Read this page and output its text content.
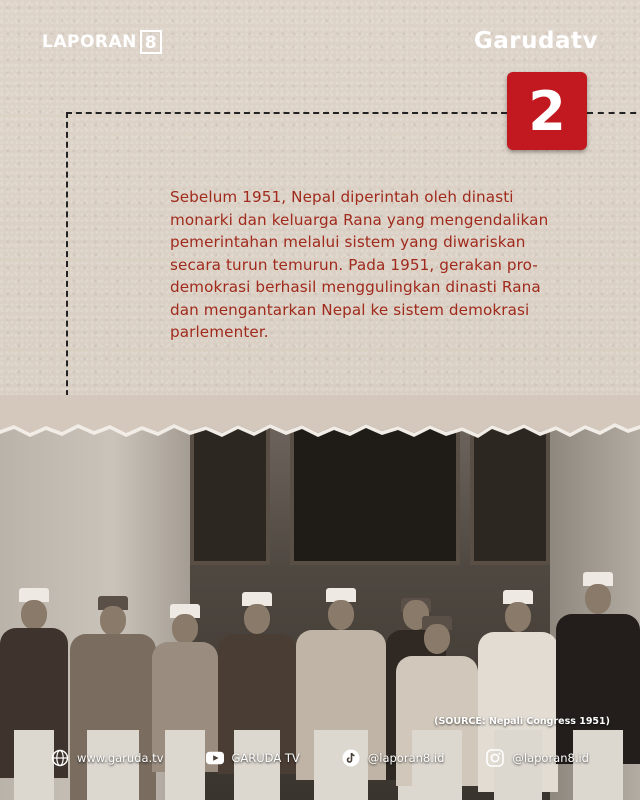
LAPORAN 8	Garudatv
2
Sebelum 1951, Nepal diperintah oleh dinasti monarki dan keluarga Rana yang mengendalikan pemerintahan melalui sistem yang diwariskan secara turun temurun. Pada 1951, gerakan pro-demokrasi berhasil menggulingkan dinasti Rana dan mengantarkan Nepal ke sistem demokrasi parlementer.
(SOURCE: Nepali Congress 1951)
www.garuda.tv	GARUDA TV	@laporan8.id	@laporan8.id
